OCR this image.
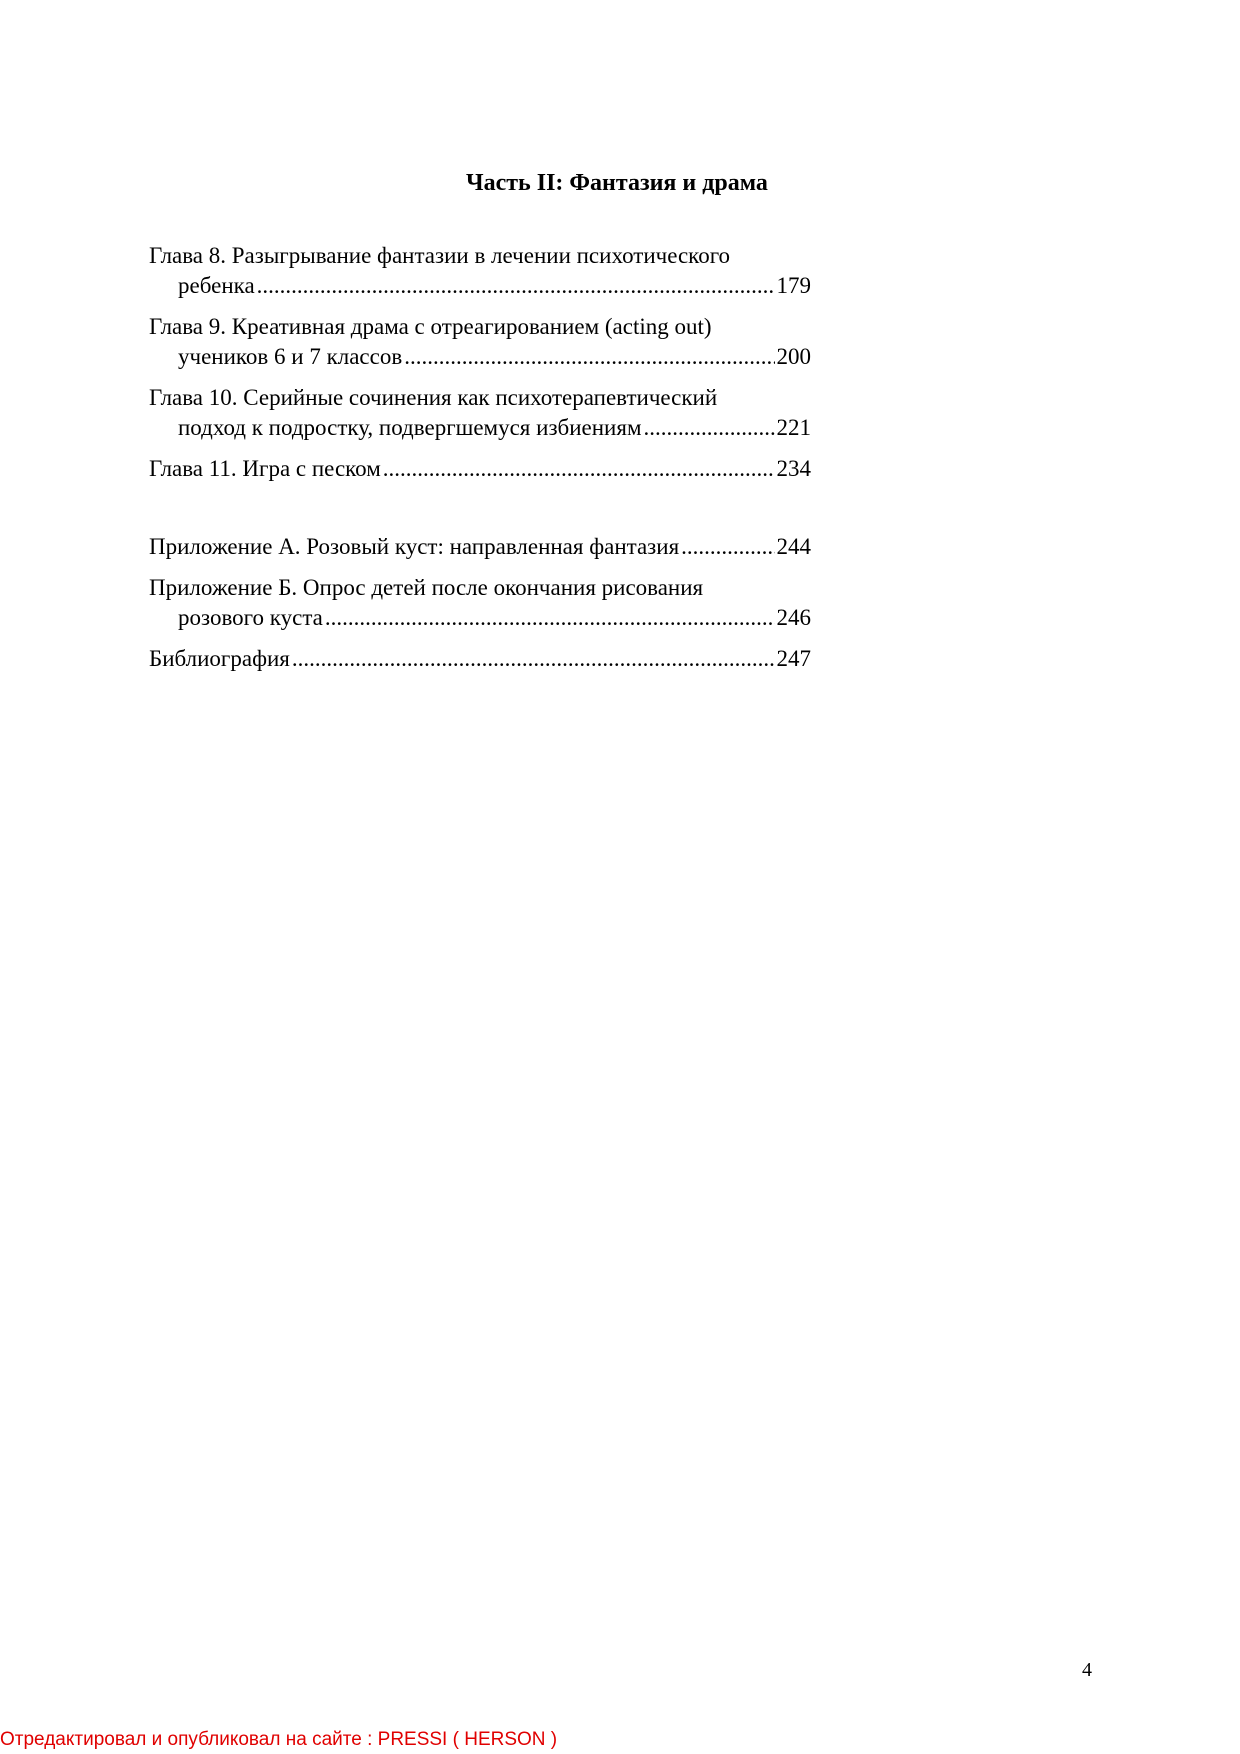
Часть II: Фантазия и драма
Глава 8. Разыгрывание фантазии в лечении психотического
ребенка .....	179
Глава 9. Креативная драма с отреагированием (acting out)
учеников 6 и 7 классов .....	200
Глава 10. Серийные сочинения как психотерапевтический
подход к подростку, подвергшемуся избиениям .....	221
Глава 11. Игра с песком .....	234
Приложение А. Розовый куст: направленная фантазия .....	244
Приложение Б. Опрос детей после окончания рисования
розового куста .....	246
Библиография .....	247
4
Отредактировал и опубликовал на сайте : PRESSI ( HERSON )
